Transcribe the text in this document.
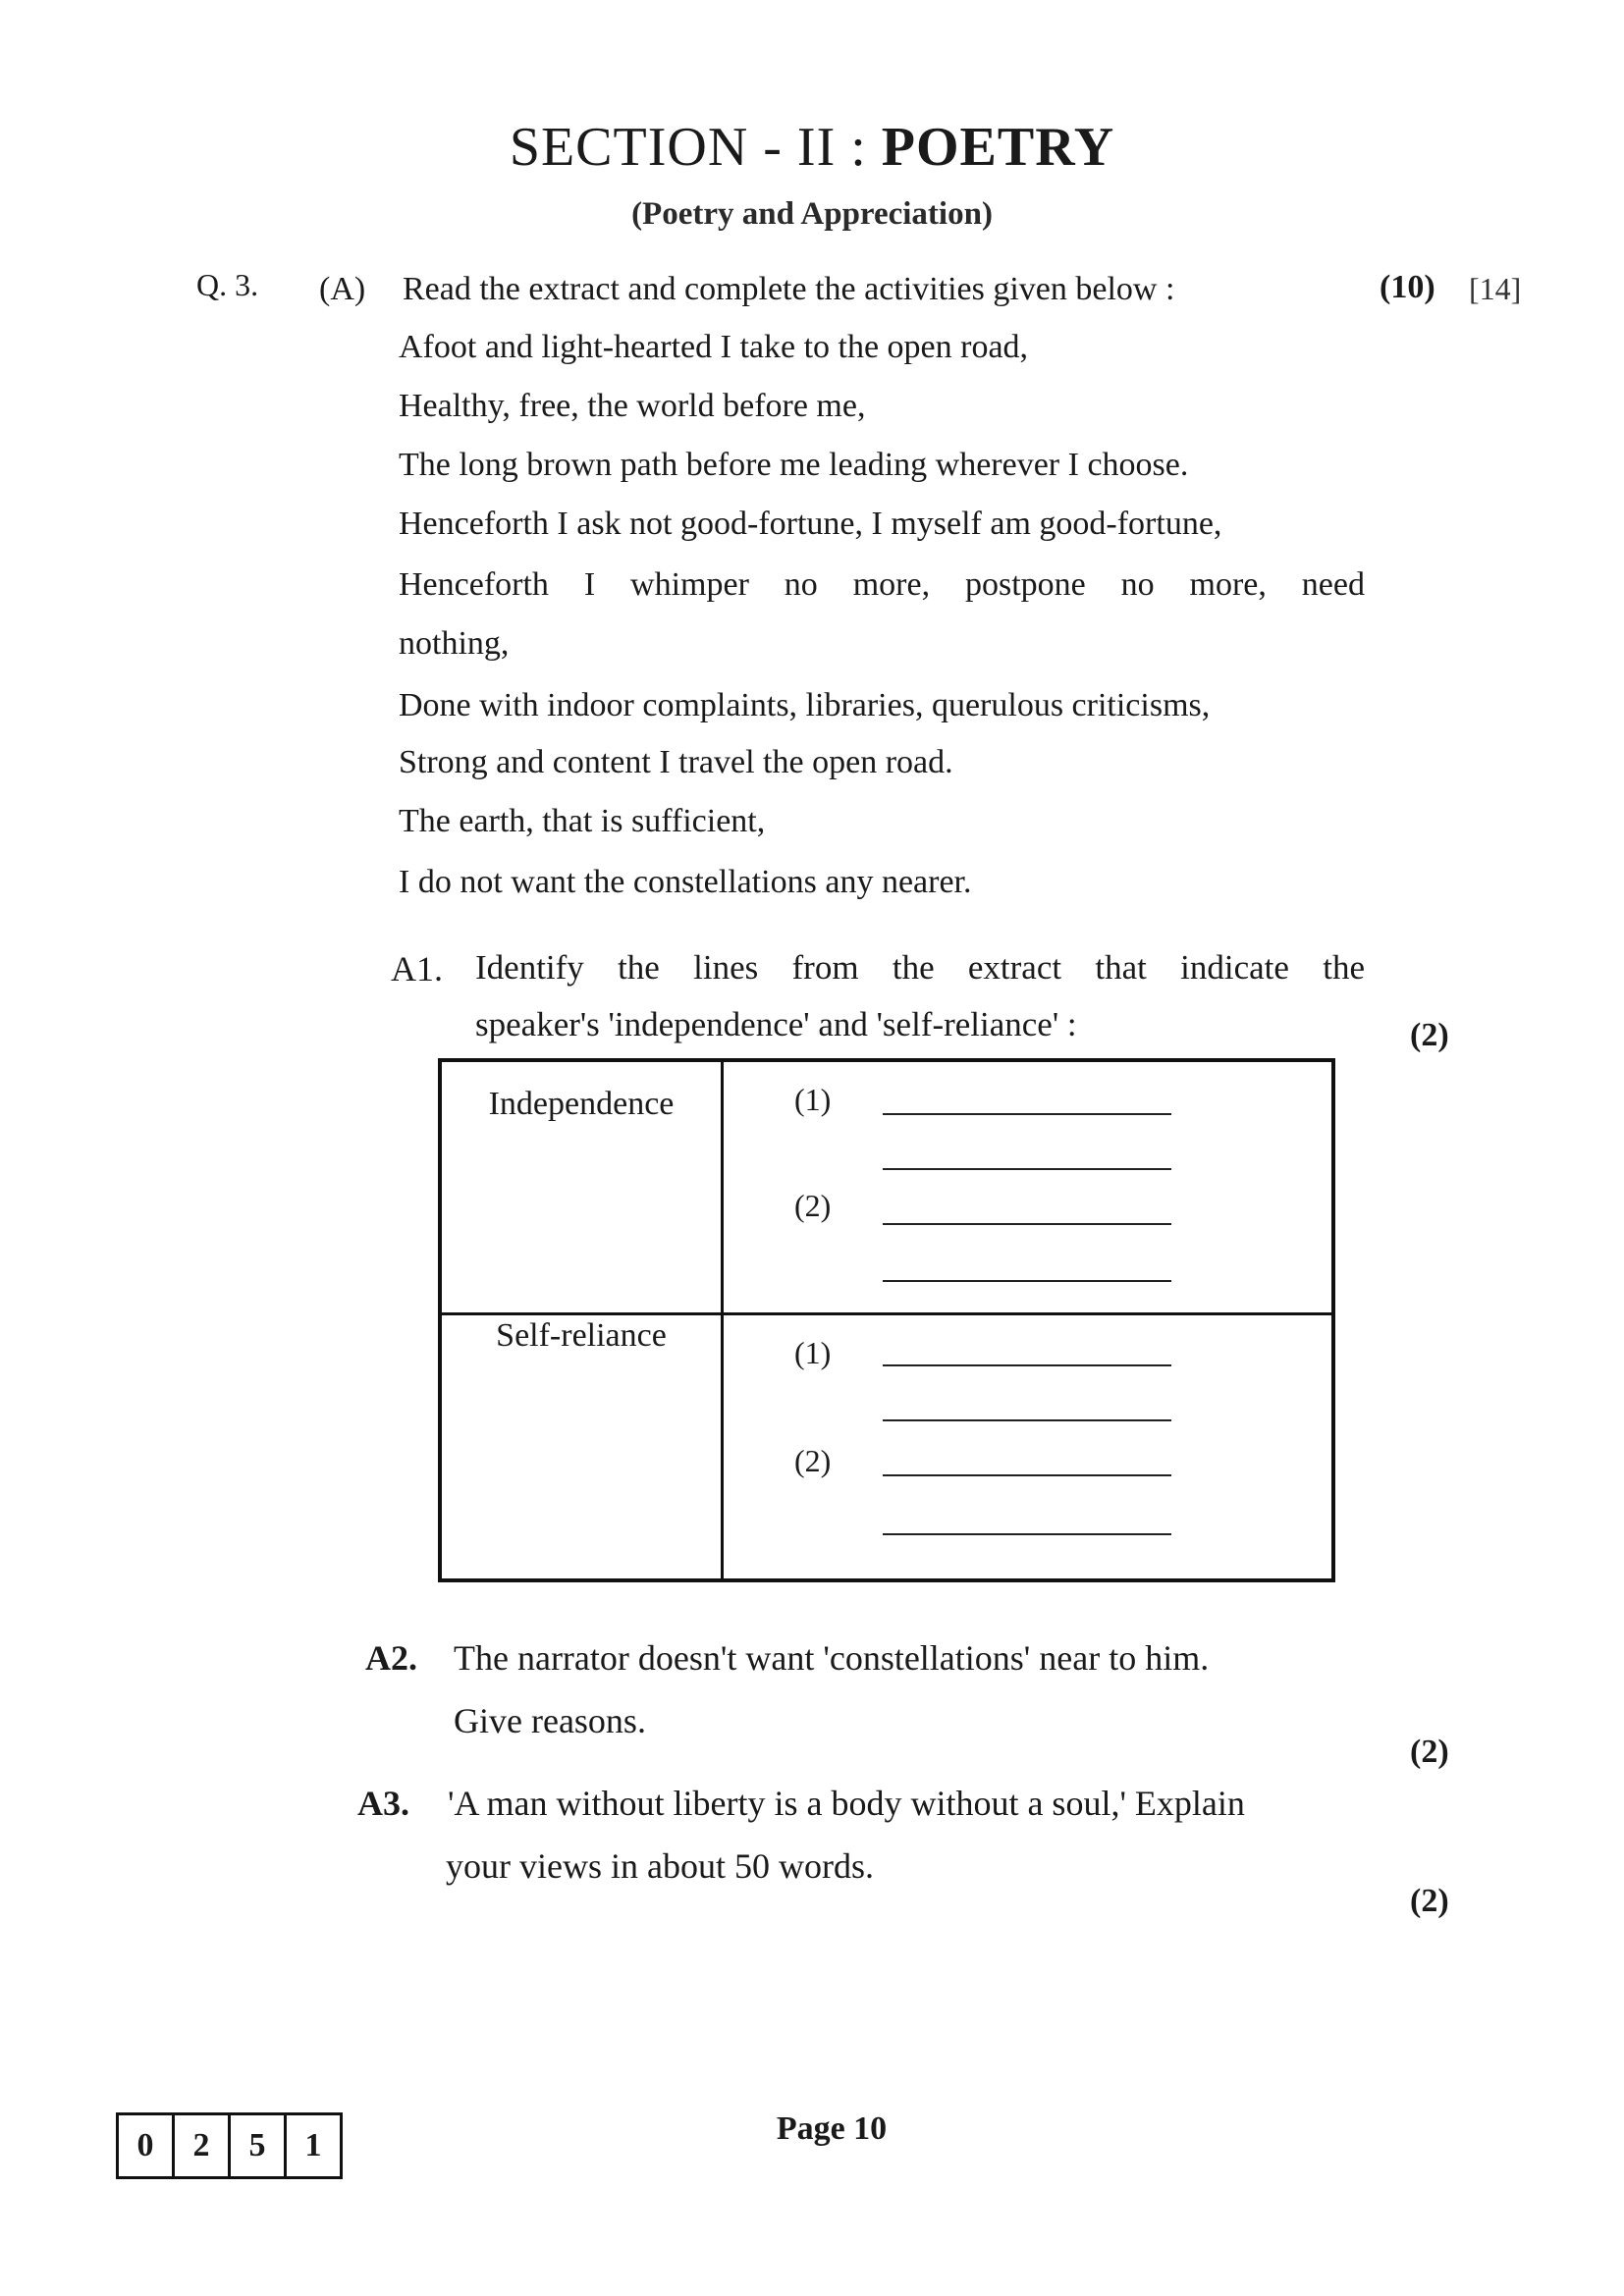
SECTION - II : POETRY
(Poetry and Appreciation)
Q. 3. (A) Read the extract and complete the activities given below :	(10) [14]
Afoot and light-hearted I take to the open road,
Healthy, free, the world before me,
The long brown path before me leading wherever I choose.
Henceforth I ask not good-fortune, I myself am good-fortune,
Henceforth I whimper no more, postpone no more, need
nothing,
Done with indoor complaints, libraries, querulous criticisms,
Strong and content I travel the open road.
The earth, that is sufficient,
I do not want the constellations any nearer.
A1. Identify the lines from the extract that indicate the
speaker's 'independence' and 'self-reliance' :	(2)
Independence	(1)
(2)

Self-reliance	(1)
(2)
A2. The narrator doesn't want 'constellations' near to him.
Give reasons.
(2)
A3. 'A man without liberty is a body without a soul,' Explain
your views in about 50 words.
(2)
0	2	5	1	Page 10
